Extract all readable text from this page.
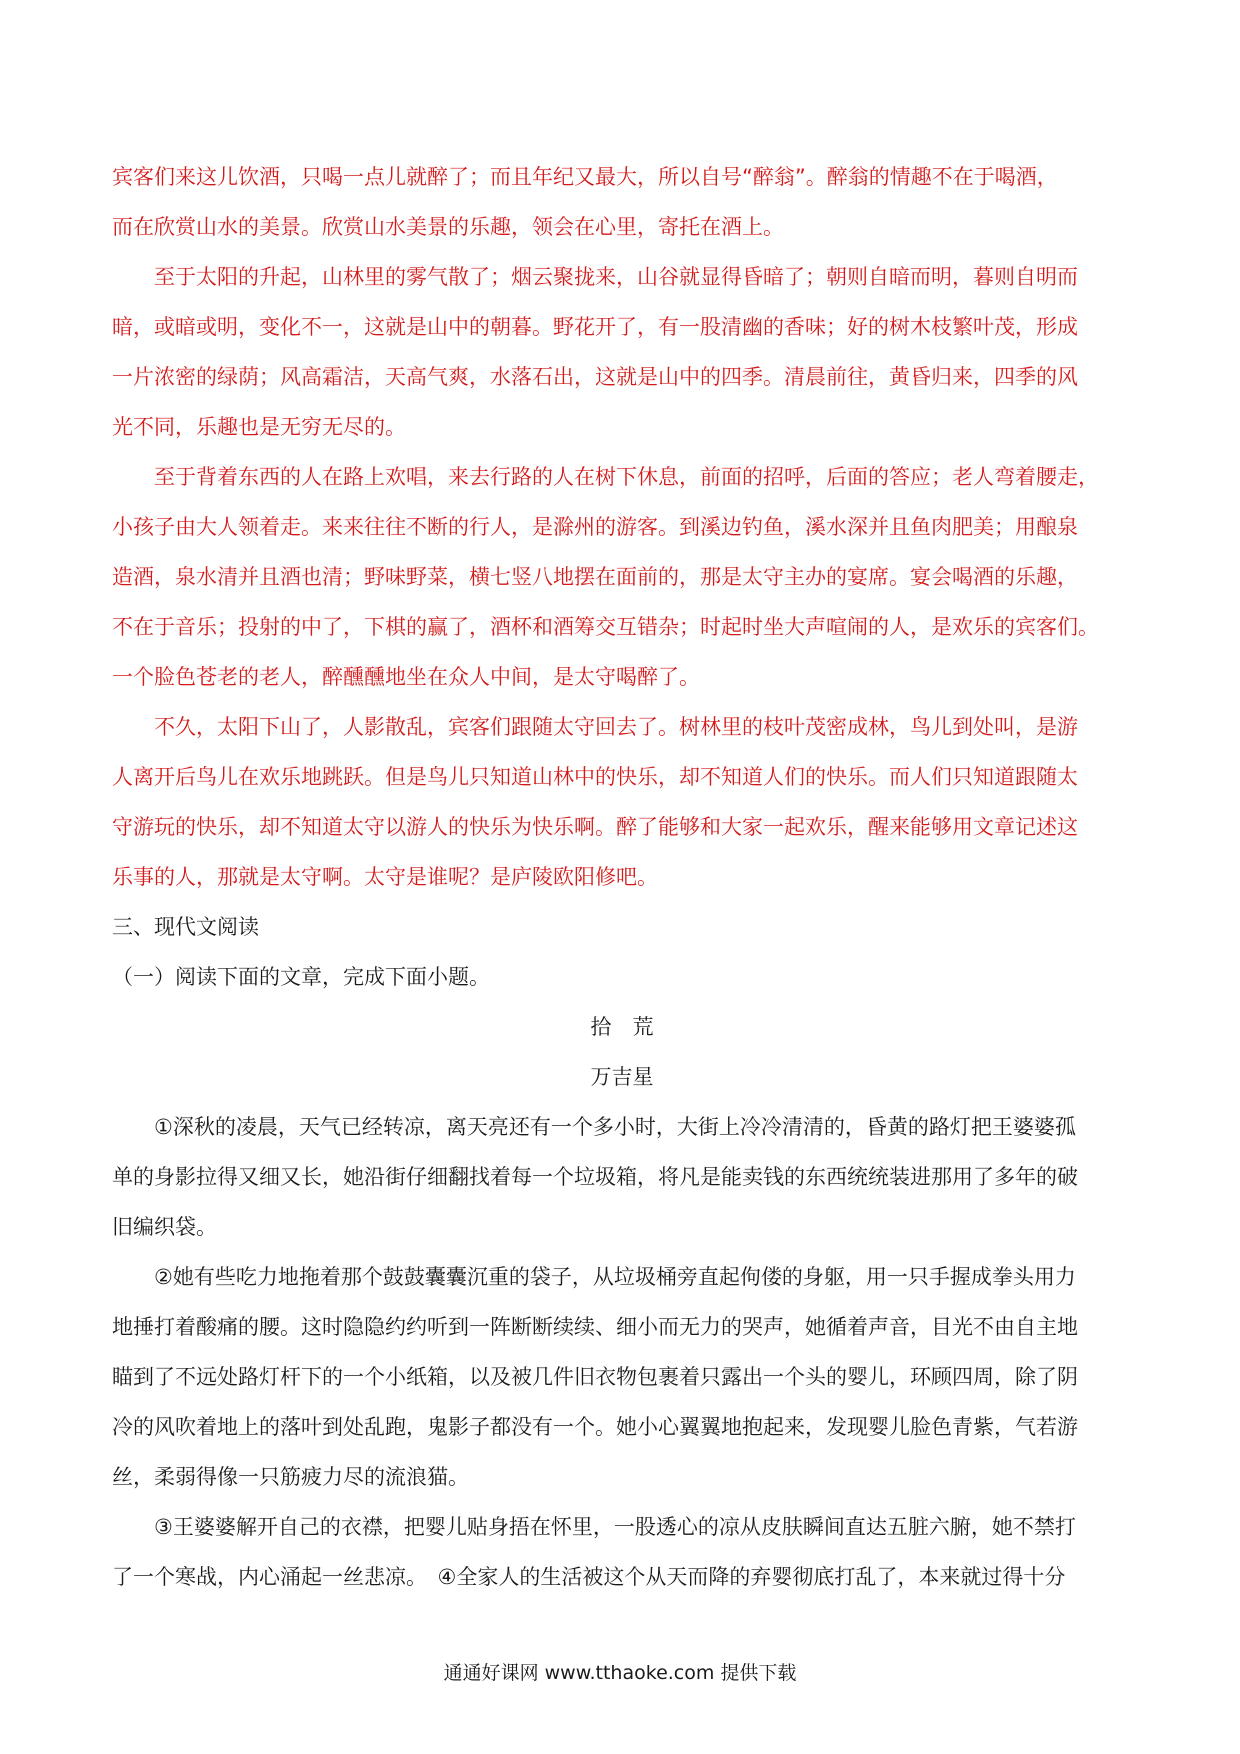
宾客们来这儿饮酒，只喝一点儿就醉了；而且年纪又最大，所以自号“醉翁”。醉翁的情趣不在于喝酒，
而在欣赏山水的美景。欣赏山水美景的乐趣，领会在心里，寄托在酒上。
至于太阳的升起，山林里的雾气散了；烟云聚拢来，山谷就显得昏暗了；朝则自暗而明，暮则自明而
暗，或暗或明，变化不一，这就是山中的朝暮。野花开了，有一股清幽的香味；好的树木枝繁叶茂，形成
一片浓密的绿荫；风高霜洁，天高气爽，水落石出，这就是山中的四季。清晨前往，黄昏归来，四季的风
光不同，乐趣也是无穷无尽的。
至于背着东西的人在路上欢唱，来去行路的人在树下休息，前面的招呼，后面的答应；老人弯着腰走，
小孩子由大人领着走。来来往往不断的行人，是滁州的游客。到溪边钓鱼，溪水深并且鱼肉肥美；用酿泉
造酒，泉水清并且酒也清；野味野菜，横七竖八地摆在面前的，那是太守主办的宴席。宴会喝酒的乐趣，
不在于音乐；投射的中了，下棋的赢了，酒杯和酒筹交互错杂；时起时坐大声喧闹的人，是欢乐的宾客们。
一个脸色苍老的老人，醉醺醺地坐在众人中间，是太守喝醉了。
不久，太阳下山了，人影散乱，宾客们跟随太守回去了。树林里的枝叶茂密成林，鸟儿到处叫，是游
人离开后鸟儿在欢乐地跳跃。但是鸟儿只知道山林中的快乐，却不知道人们的快乐。而人们只知道跟随太
守游玩的快乐，却不知道太守以游人的快乐为快乐啊。醉了能够和大家一起欢乐，醒来能够用文章记述这
乐事的人，那就是太守啊。太守是谁呢？是庐陵欧阳修吧。
三、现代文阅读
（一）阅读下面的文章，完成下面小题。
拾　荒
万吉星
①深秋的凌晨，天气已经转凉，离天亮还有一个多小时，大街上冷冷清清的，昏黄的路灯把王婆婆孤
单的身影拉得又细又长，她沿街仔细翻找着每一个垃圾箱，将凡是能卖钱的东西统统装进那用了多年的破
旧编织袋。
②她有些吃力地拖着那个鼓鼓囊囊沉重的袋子，从垃圾桶旁直起佝偻的身躯，用一只手握成拳头用力
地捶打着酸痛的腰。这时隐隐约约听到一阵断断续续、细小而无力的哭声，她循着声音，目光不由自主地
瞄到了不远处路灯杆下的一个小纸箱，以及被几件旧衣物包裹着只露出一个头的婴儿，环顾四周，除了阴
冷的风吹着地上的落叶到处乱跑，鬼影子都没有一个。她小心翼翼地抱起来，发现婴儿脸色青紫，气若游
丝，柔弱得像一只筋疲力尽的流浪猫。
③王婆婆解开自己的衣襟，把婴儿贴身捂在怀里，一股透心的凉从皮肤瞬间直达五脏六腑，她不禁打
了一个寒战，内心涌起一丝悲凉。　④全家人的生活被这个从天而降的弃婴彻底打乱了，本来就过得十分
通通好课网 www.tthaoke.com 提供下载
